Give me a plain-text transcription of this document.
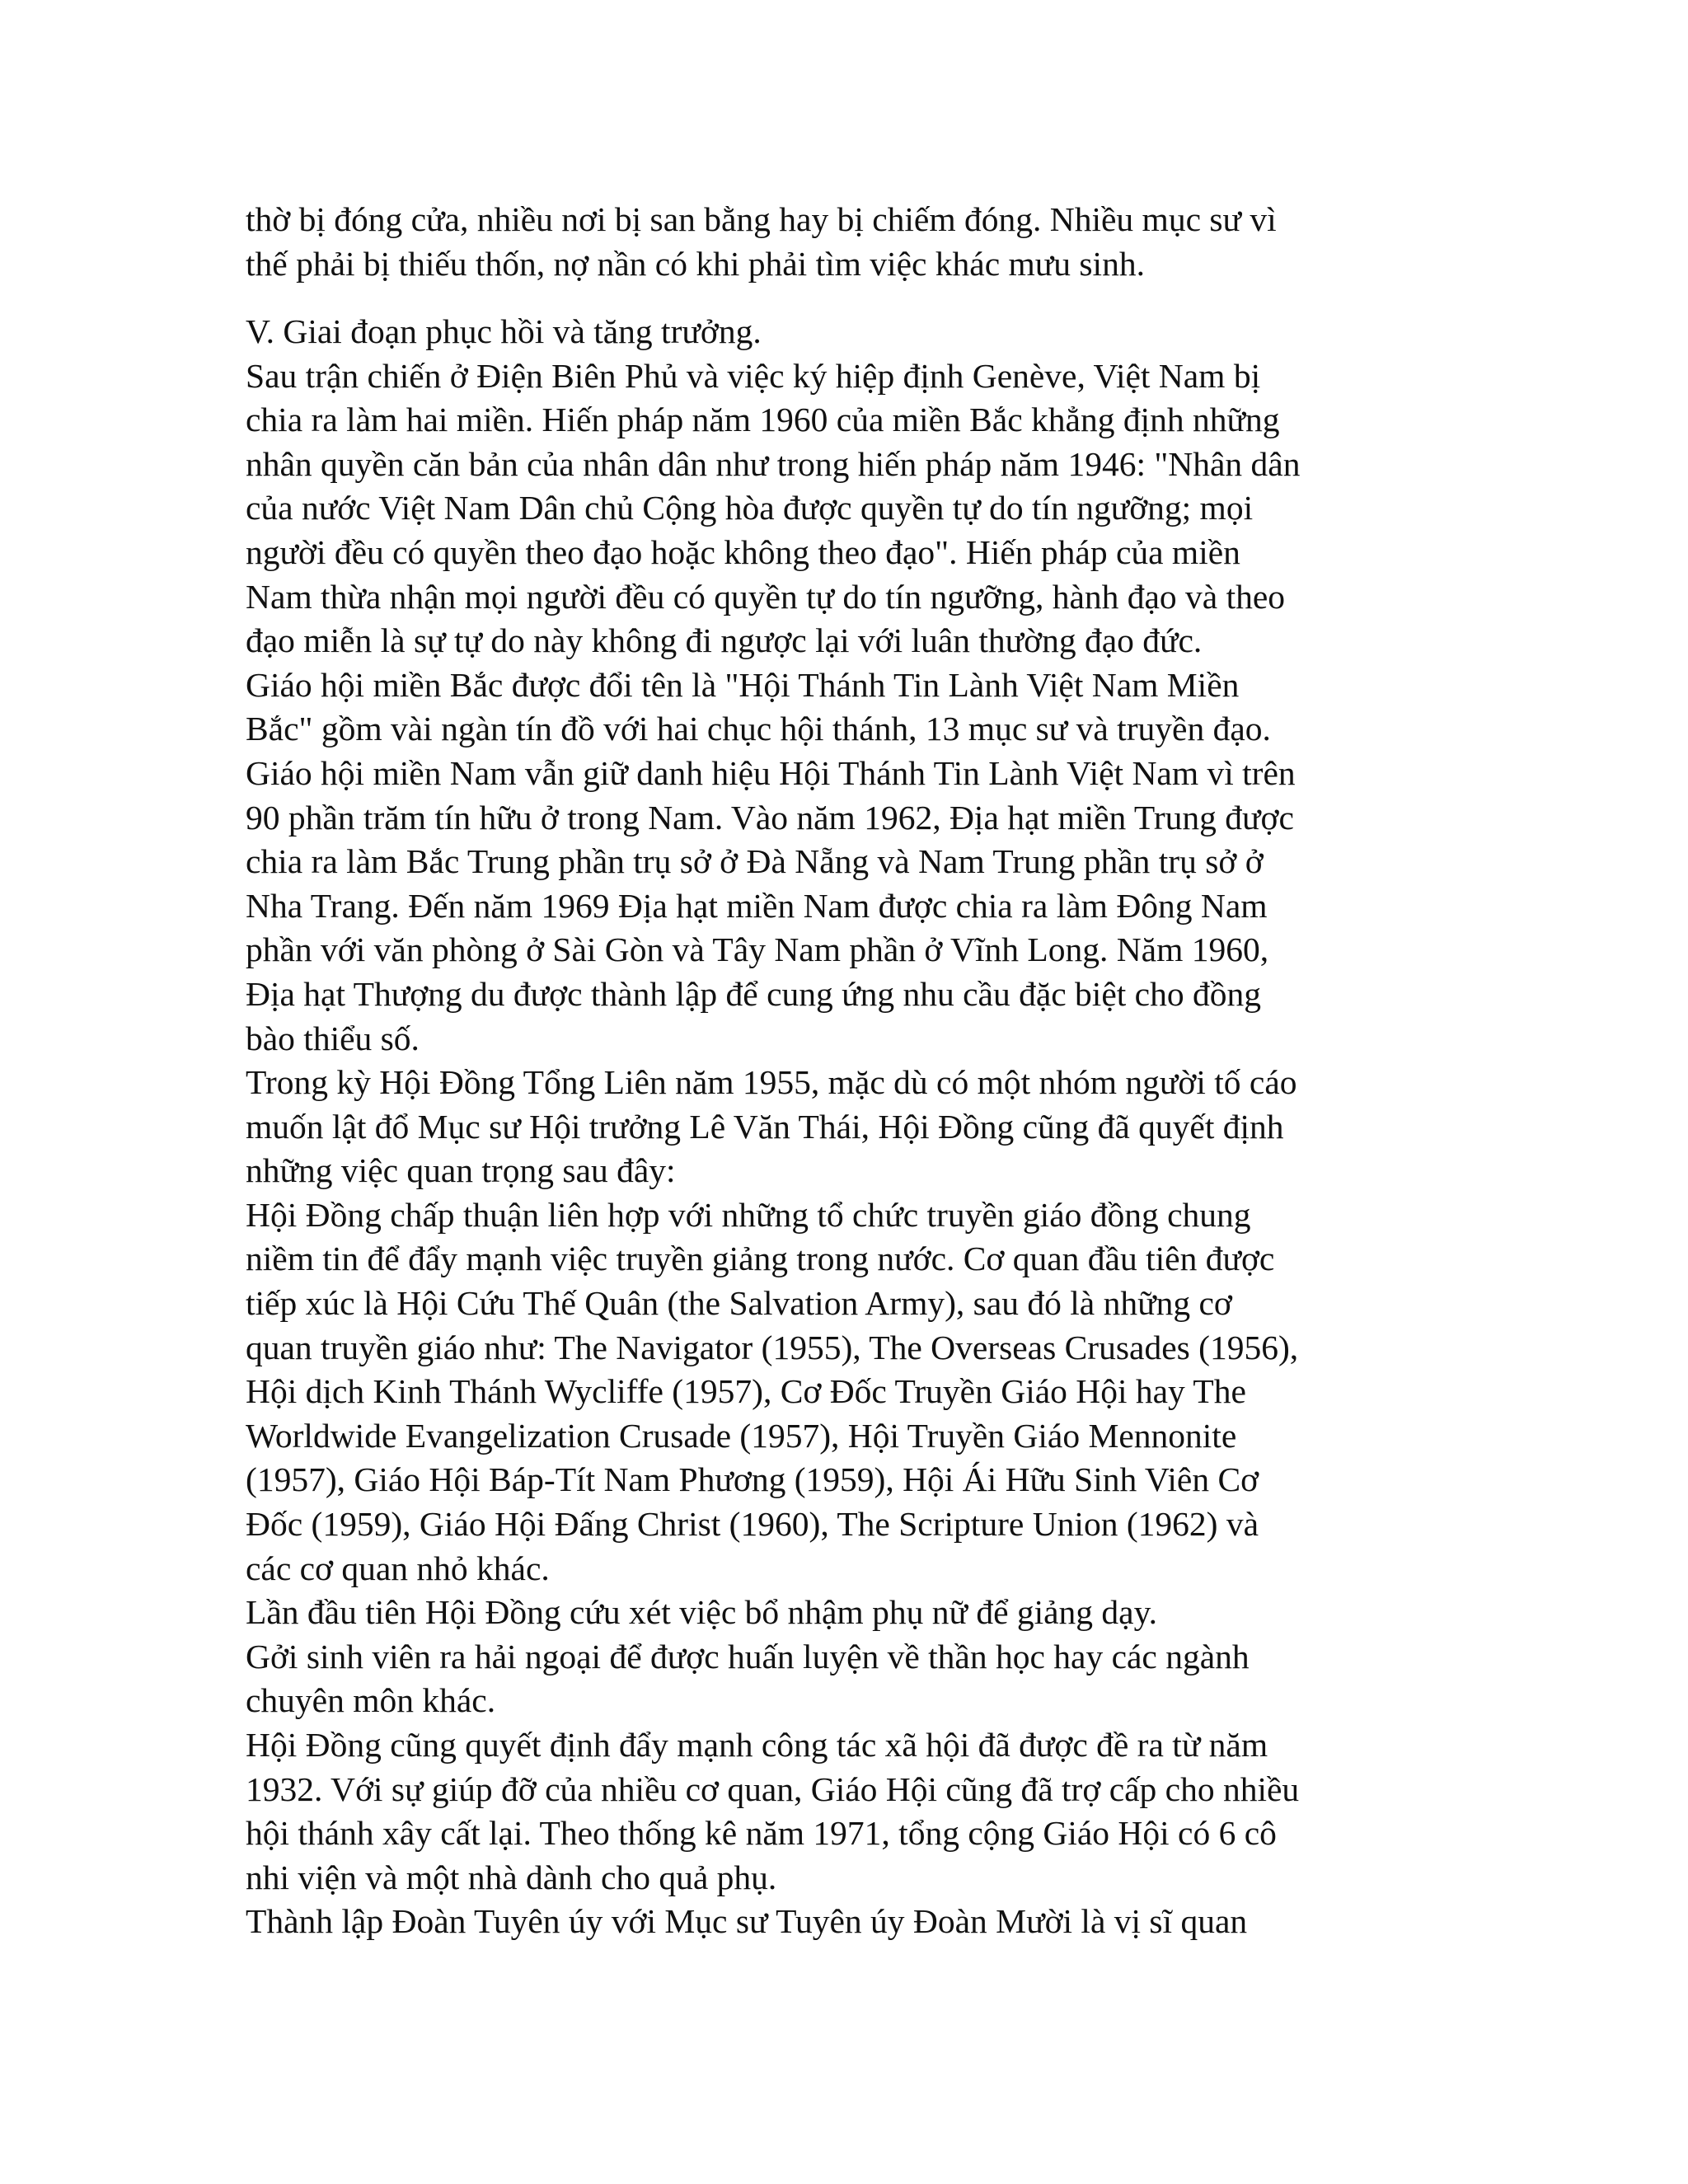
thờ bị đóng cửa, nhiều nơi bị san bằng hay bị chiếm đóng. Nhiều mục sư vì
thế phải bị thiếu thốn, nợ nần có khi phải tìm việc khác mưu sinh.
V. Giai đoạn phục hồi và tăng trưởng.
Sau trận chiến ở Điện Biên Phủ và việc ký hiệp định Genève, Việt Nam bị
chia ra làm hai miền. Hiến pháp năm 1960 của miền Bắc khẳng định những
nhân quyền căn bản của nhân dân như trong hiến pháp năm 1946: "Nhân dân
của nước Việt Nam Dân chủ Cộng hòa được quyền tự do tín ngưỡng; mọi
người đều có quyền theo đạo hoặc không theo đạo". Hiến pháp của miền
Nam thừa nhận mọi người đều có quyền tự do tín ngưỡng, hành đạo và theo
đạo miễn là sự tự do này không đi ngược lại với luân thường đạo đức.
Giáo hội miền Bắc được đổi tên là "Hội Thánh Tin Lành Việt Nam Miền
Bắc" gồm vài ngàn tín đồ với hai chục hội thánh, 13 mục sư và truyền đạo.
Giáo hội miền Nam vẫn giữ danh hiệu Hội Thánh Tin Lành Việt Nam vì trên
90 phần trăm tín hữu ở trong Nam. Vào năm 1962, Địa hạt miền Trung được
chia ra làm Bắc Trung phần trụ sở ở Đà Nẵng và Nam Trung phần trụ sở ở
Nha Trang. Đến năm 1969 Địa hạt miền Nam được chia ra làm Đông Nam
phần với văn phòng ở Sài Gòn và Tây Nam phần ở Vĩnh Long. Năm 1960,
Địa hạt Thượng du được thành lập để cung ứng nhu cầu đặc biệt cho đồng
bào thiểu số.
Trong kỳ Hội Đồng Tổng Liên năm 1955, mặc dù có một nhóm người tố cáo
muốn lật đổ Mục sư Hội trưởng Lê Văn Thái, Hội Đồng cũng đã quyết định
những việc quan trọng sau đây:
Hội Đồng chấp thuận liên hợp với những tổ chức truyền giáo đồng chung
niềm tin để đẩy mạnh việc truyền giảng trong nước. Cơ quan đầu tiên được
tiếp xúc là Hội Cứu Thế Quân (the Salvation Army), sau đó là những cơ
quan truyền giáo như: The Navigator (1955), The Overseas Crusades (1956),
Hội dịch Kinh Thánh Wycliffe (1957), Cơ Đốc Truyền Giáo Hội hay The
Worldwide Evangelization Crusade (1957), Hội Truyền Giáo Mennonite
(1957), Giáo Hội Báp-Tít Nam Phương (1959), Hội Ái Hữu Sinh Viên Cơ
Đốc (1959), Giáo Hội Đấng Christ (1960), The Scripture Union (1962) và
các cơ quan nhỏ khác.
Lần đầu tiên Hội Đồng cứu xét việc bổ nhậm phụ nữ để giảng dạy.
Gởi sinh viên ra hải ngoại để được huấn luyện về thần học hay các ngành
chuyên môn khác.
Hội Đồng cũng quyết định đẩy mạnh công tác xã hội đã được đề ra từ năm
1932. Với sự giúp đỡ của nhiều cơ quan, Giáo Hội cũng đã trợ cấp cho nhiều
hội thánh xây cất lại. Theo thống kê năm 1971, tổng cộng Giáo Hội có 6 cô
nhi viện và một nhà dành cho quả phụ.
Thành lập Đoàn Tuyên úy với Mục sư Tuyên úy Đoàn Mười là vị sĩ quan
